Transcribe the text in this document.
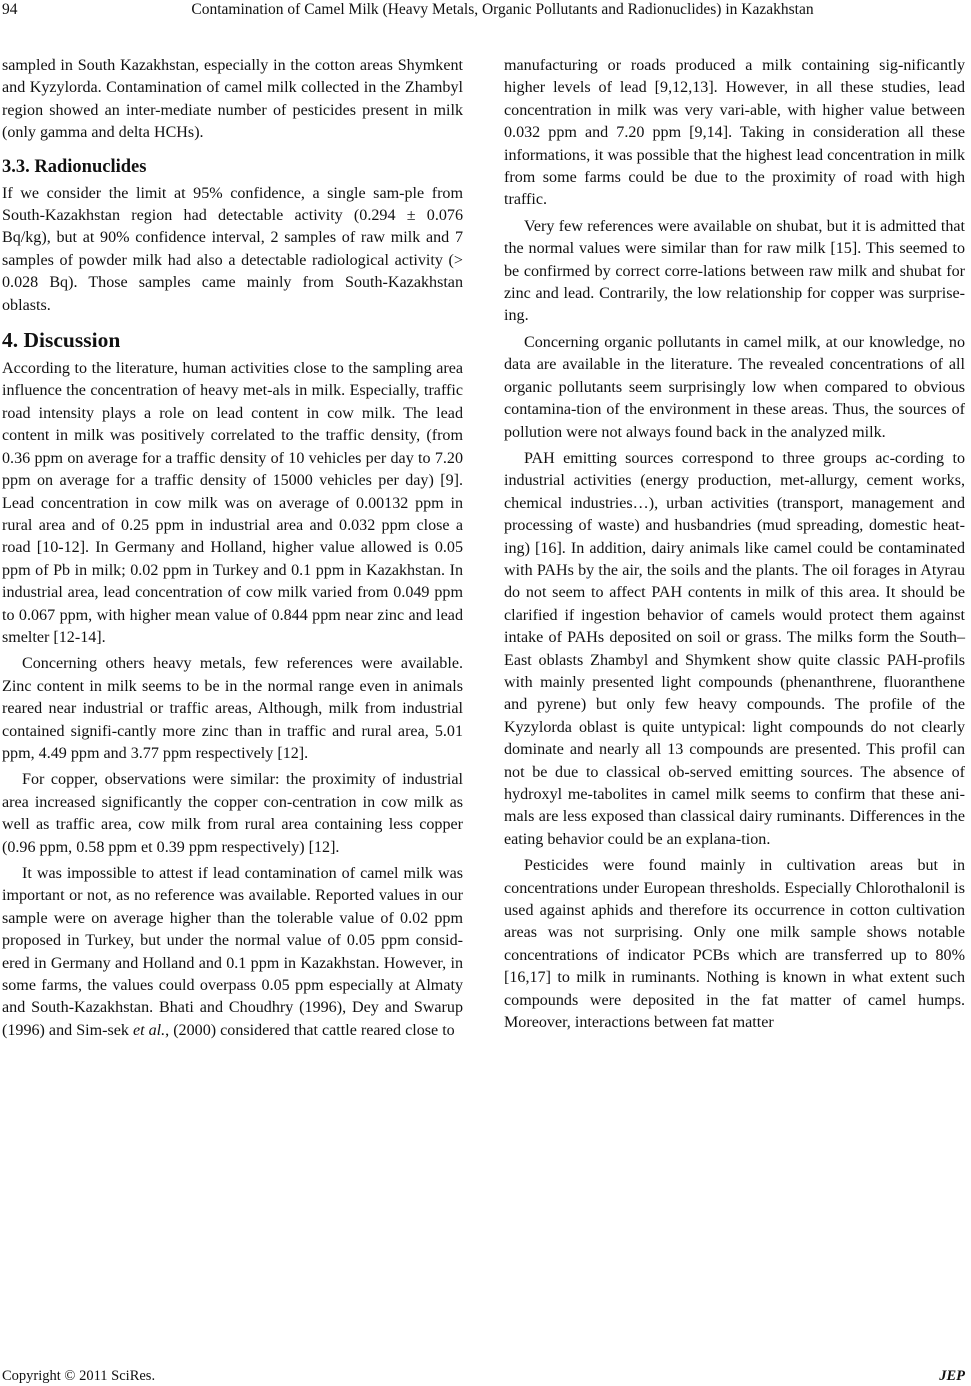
94	Contamination of Camel Milk (Heavy Metals, Organic Pollutants and Radionuclides) in Kazakhstan

sampled in South Kazakhstan, especially in the cotton areas Shymkent and Kyzylorda. Contamination of camel milk collected in the Zhambyl region showed an inter-mediate number of pesticides present in milk (only gamma and delta HCHs).

3.3. Radionuclides

If we consider the limit at 95% confidence, a single sam-ple from South-Kazakhstan region had detectable activity (0.294 ± 0.076 Bq/kg), but at 90% confidence interval, 2 samples of raw milk and 7 samples of powder milk had also a detectable radiological activity (> 0.028 Bq). Those samples came mainly from South-Kazakhstan oblasts.

4. Discussion

According to the literature, human activities close to the sampling area influence the concentration of heavy met-als in milk. Especially, traffic road intensity plays a role on lead content in cow milk. The lead content in milk was positively correlated to the traffic density, (from 0.36 ppm on average for a traffic density of 10 vehicles per day to 7.20 ppm on average for a traffic density of 15000 vehicles per day) [9]. Lead concentration in cow milk was on average of 0.00132 ppm in rural area and of 0.25 ppm in industrial area and 0.032 ppm close a road [10-12]. In Germany and Holland, higher value allowed is 0.05 ppm of Pb in milk; 0.02 ppm in Turkey and 0.1 ppm in Kazakhstan. In industrial area, lead concentration of cow milk varied from 0.049 ppm to 0.067 ppm, with higher mean value of 0.844 ppm near zinc and lead smelter [12-14].

Concerning others heavy metals, few references were available. Zinc content in milk seems to be in the normal range even in animals reared near industrial or traffic areas, Although, milk from industrial contained signifi-cantly more zinc than in traffic and rural area, 5.01 ppm, 4.49 ppm and 3.77 ppm respectively [12].

For copper, observations were similar: the proximity of industrial area increased significantly the copper con-centration in cow milk as well as traffic area, cow milk from rural area containing less copper (0.96 ppm, 0.58 ppm et 0.39 ppm respectively) [12].

It was impossible to attest if lead contamination of camel milk was important or not, as no reference was available. Reported values in our sample were on average higher than the tolerable value of 0.02 ppm proposed in Turkey, but under the normal value of 0.05 ppm consid-ered in Germany and Holland and 0.1 ppm in Kazakhstan. However, in some farms, the values could overpass 0.05 ppm especially at Almaty and South-Kazakhstan. Bhati and Choudhry (1996), Dey and Swarup (1996) and Sim-sek et al., (2000) considered that cattle reared close to

manufacturing or roads produced a milk containing sig-nificantly higher levels of lead [9,12,13]. However, in all these studies, lead concentration in milk was very vari-able, with higher value between 0.032 ppm and 7.20 ppm [9,14]. Taking in consideration all these informations, it was possible that the highest lead concentration in milk from some farms could be due to the proximity of road with high traffic.

Very few references were available on shubat, but it is admitted that the normal values were similar than for raw milk [15]. This seemed to be confirmed by correct corre-lations between raw milk and shubat for zinc and lead. Contrarily, the low relationship for copper was surprise-ing.

Concerning organic pollutants in camel milk, at our knowledge, no data are available in the literature. The revealed concentrations of all organic pollutants seem surprisingly low when compared to obvious contamina-tion of the environment in these areas. Thus, the sources of pollution were not always found back in the analyzed milk.

PAH emitting sources correspond to three groups ac-cording to industrial activities (energy production, met-allurgy, cement works, chemical industries…), urban activities (transport, management and processing of waste) and husbandries (mud spreading, domestic heat-ing) [16]. In addition, dairy animals like camel could be contaminated with PAHs by the air, the soils and the plants. The oil forages in Atyrau do not seem to affect PAH contents in milk of this area. It should be clarified if ingestion behavior of camels would protect them against intake of PAHs deposited on soil or grass. The milks form the South–East oblasts Zhambyl and Shymkent show quite classic PAH-profils with mainly presented light compounds (phenanthrene, fluoranthene and pyrene) but only few heavy compounds. The profile of the Kyzylorda oblast is quite untypical: light compounds do not clearly dominate and nearly all 13 compounds are presented. This profil can not be due to classical ob-served emitting sources. The absence of hydroxyl me-tabolites in camel milk seems to confirm that these ani-mals are less exposed than classical dairy ruminants. Differences in the eating behavior could be an explana-tion.

Pesticides were found mainly in cultivation areas but in concentrations under European thresholds. Especially Chlorothalonil is used against aphids and therefore its occurrence in cotton cultivation areas was not surprising. Only one milk sample shows notable concentrations of indicator PCBs which are transferred up to 80% [16,17] to milk in ruminants. Nothing is known in what extent such compounds were deposited in the fat matter of camel humps. Moreover, interactions between fat matter

Copyright © 2011 SciRes.	JEP
